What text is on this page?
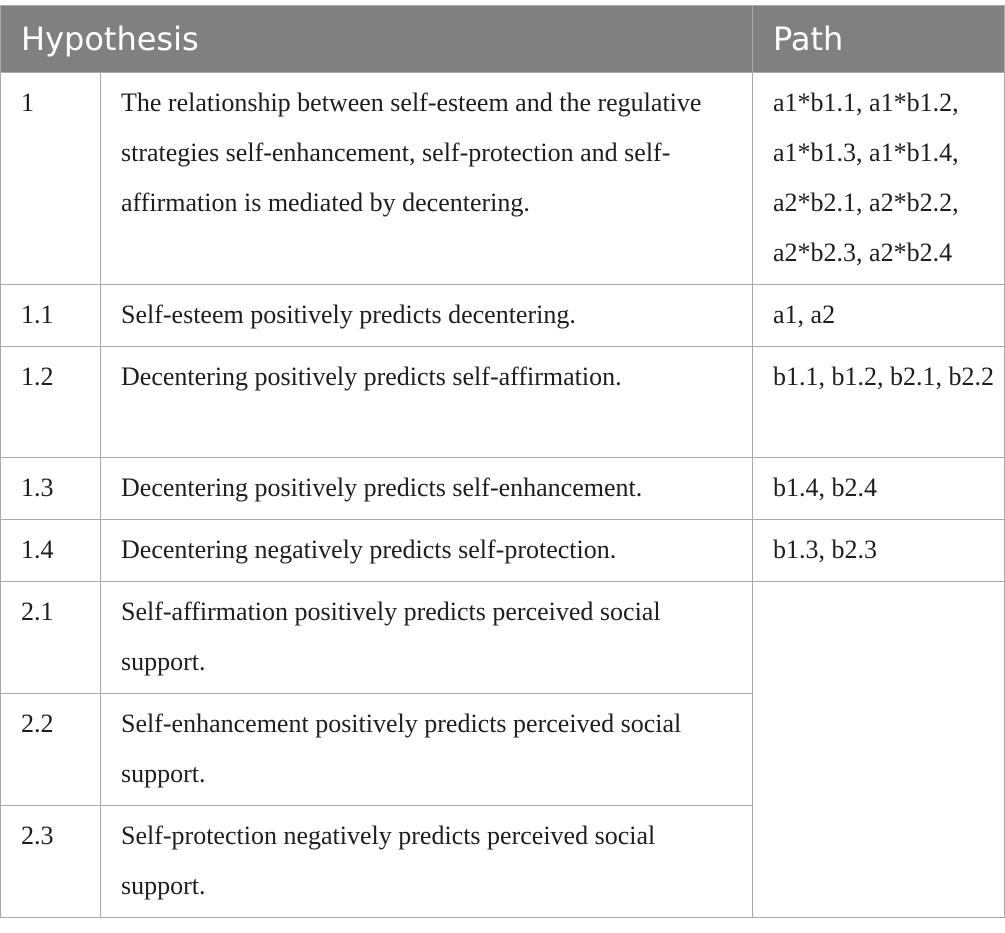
Hypothesis		Path
1	The relationship between self-esteem and the regulative strategies self-enhancement, self-protection and self-affirmation is mediated by decentering.	a1*b1.1, a1*b1.2, a1*b1.3, a1*b1.4, a2*b2.1, a2*b2.2, a2*b2.3, a2*b2.4
1.1	Self-esteem positively predicts decentering.	a1, a2
1.2	Decentering positively predicts self-affirmation.	b1.1, b1.2, b2.1, b2.2
1.3	Decentering positively predicts self-enhancement.	b1.4, b2.4
1.4	Decentering negatively predicts self-protection.	b1.3, b2.3
2.1	Self-affirmation positively predicts perceived social support.	
2.2	Self-enhancement positively predicts perceived social support.	
2.3	Self-protection negatively predicts perceived social support.	
